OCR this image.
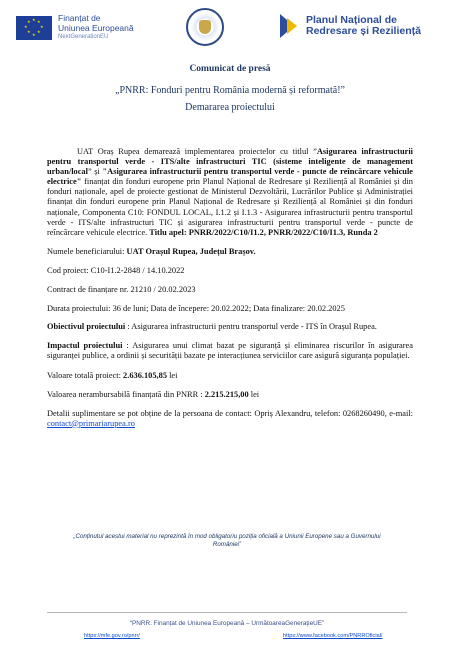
★ ★
★
★
★
★
★
★	Finanțat de
Uniunea Europeană
NextGenerationEU
Planul Național de
Redresare și Reziliență

Comunicat de presă

„PNRR: Fonduri pentru România modernă și reformată!”

Demararea proiectului

UAT Oraș Rupea demarează implementarea proiectelor cu titlul ”Asigurarea infrastructurii pentru transportul verde - ITS/alte infrastructuri TIC (sisteme inteligente de management urban/local” și "Asigurarea infrastructurii pentru transportul verde - puncte de reîncărcare vehicule electrice" finanțat din fonduri europene prin Planul Național de Redresare și Reziliență al României și din fonduri naționale, apel de proiecte gestionat de Ministerul Dezvoltării, Lucrărilor Publice și Administrației finanțat din fonduri europene prin Planul Național de Redresare și Reziliență al României și din fonduri naționale, Componenta C10: FONDUL LOCAL, I.1.2 și I.1.3 - Asigurarea infrastructurii pentru transportul verde - ITS/alte infrastructuri TIC și asigurarea infrastructurii pentru transportul verde - puncte de reîncărcare vehicule electrice. Titlu apel: PNRR/2022/C10/I1.2, PNRR/2022/C10/I1.3, Runda 2

Numele beneficiarului: UAT Orașul Rupea, Județul Brașov.

Cod proiect: C10-I1.2-2848 / 14.10.2022

Contract de finanțare nr. 21210 / 20.02.2023

Durata proiectului: 36 de luni; Data de începere: 20.02.2022; Data finalizare: 20.02.2025

Obiectivul proiectului : Asigurarea infrastructurii pentru transportul verde - ITS în Orașul Rupea.

Impactul proiectului : Asigurarea unui climat bazat pe siguranță și eliminarea riscurilor în asigurarea siguranței publice, a ordinii și securității bazate pe interacțiunea serviciilor care asigură siguranța populației.

Valoare totală proiect: 2.636.105,85 lei

Valoarea nerambursabilă finanțată din PNRR : 2.215.215,00 lei

Detalii suplimentare se pot obține de la persoana de contact: Opriș Alexandru, telefon: 0268260490, e-mail: contact@primariarupea.ro

„Conținutul acestui material nu reprezintă în mod obligatoriu poziția oficială a Uniunii Europene sau a Guvernului României”

“PNRR. Finanțat de Uniunea Europeană – UrmătoareaGenerațieUE”

https://mfe.gov.ro/pnrr/	https://www.facebook.com/PNRROficial/
